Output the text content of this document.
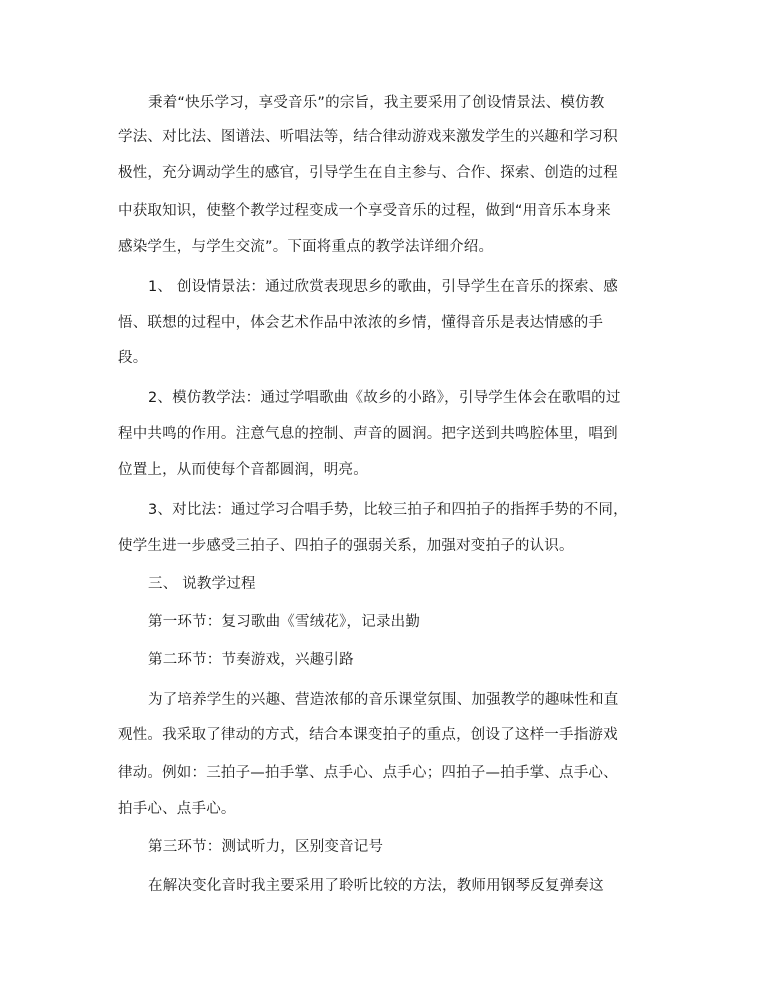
秉着“快乐学习，享受音乐”的宗旨，我主要采用了创设情景法、模仿教
学法、对比法、图谱法、听唱法等，结合律动游戏来激发学生的兴趣和学习积
极性，充分调动学生的感官，引导学生在自主参与、合作、探索、创造的过程
中获取知识，使整个教学过程变成一个享受音乐的过程，做到“用音乐本身来
感染学生，与学生交流”。下面将重点的教学法详细介绍。
1、 创设情景法：通过欣赏表现思乡的歌曲，引导学生在音乐的探索、感
悟、联想的过程中，体会艺术作品中浓浓的乡情，懂得音乐是表达情感的手
段。
2、模仿教学法：通过学唱歌曲《故乡的小路》，引导学生体会在歌唱的过
程中共鸣的作用。注意气息的控制、声音的圆润。把字送到共鸣腔体里，唱到
位置上，从而使每个音都圆润，明亮。
3、对比法：通过学习合唱手势，比较三拍子和四拍子的指挥手势的不同，
使学生进一步感受三拍子、四拍子的强弱关系，加强对变拍子的认识。
三、 说教学过程
第一环节：复习歌曲《雪绒花》，记录出勤
第二环节：节奏游戏，兴趣引路
为了培养学生的兴趣、营造浓郁的音乐课堂氛围、加强教学的趣味性和直
观性。我采取了律动的方式，结合本课变拍子的重点，创设了这样一手指游戏
律动。例如：三拍子—拍手掌、点手心、点手心；四拍子—拍手掌、点手心、
拍手心、点手心。
第三环节：测试听力，区别变音记号
在解决变化音时我主要采用了聆听比较的方法，教师用钢琴反复弹奏这
